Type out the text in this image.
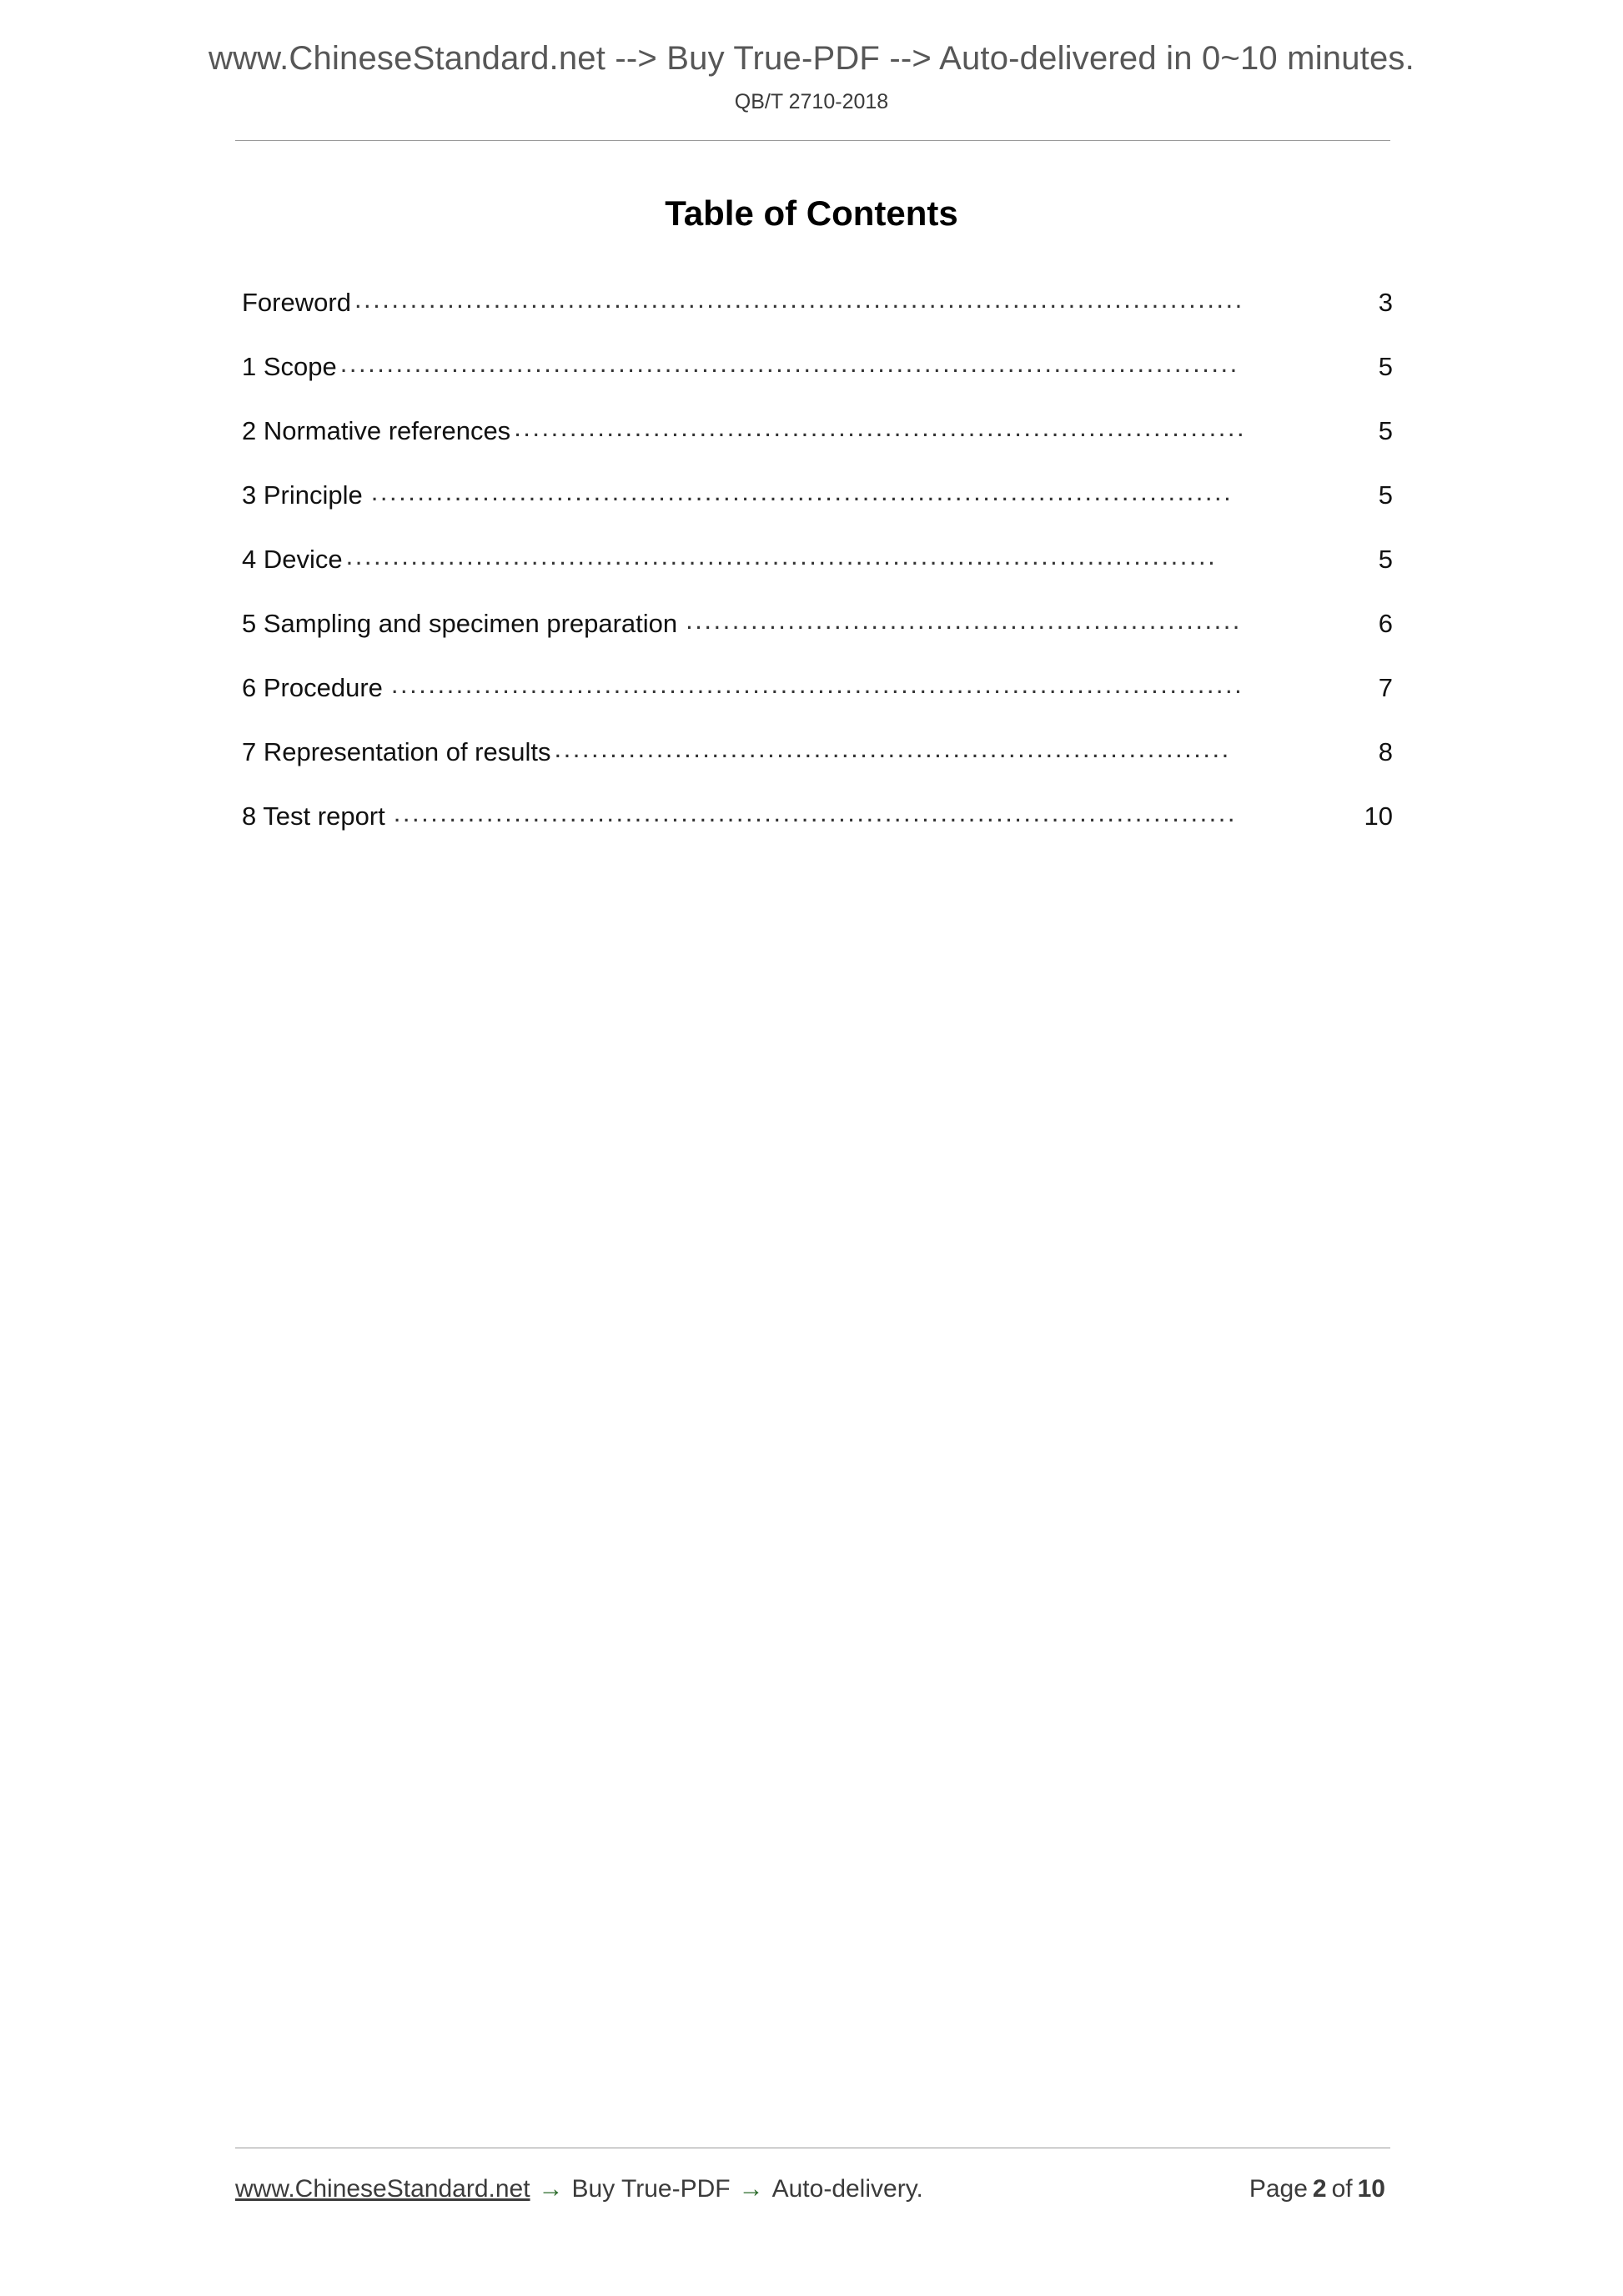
www.ChineseStandard.net --> Buy True-PDF --> Auto-delivered in 0~10 minutes.
QB/T 2710-2018
Table of Contents
Foreword ................................................................................................	3
1 Scope .................................................................................................	5
2 Normative references ...............................................................................	5
3 Principle .............................................................................................	5
4 Device ..............................................................................................	5
5 Sampling and specimen preparation ............................................................	6
6 Procedure ............................................................................................	7
7 Representation of results .........................................................................	8
8 Test report ...........................................................................................	10
www.ChineseStandard.net → Buy True-PDF → Auto-delivery.	Page 2 of 10
